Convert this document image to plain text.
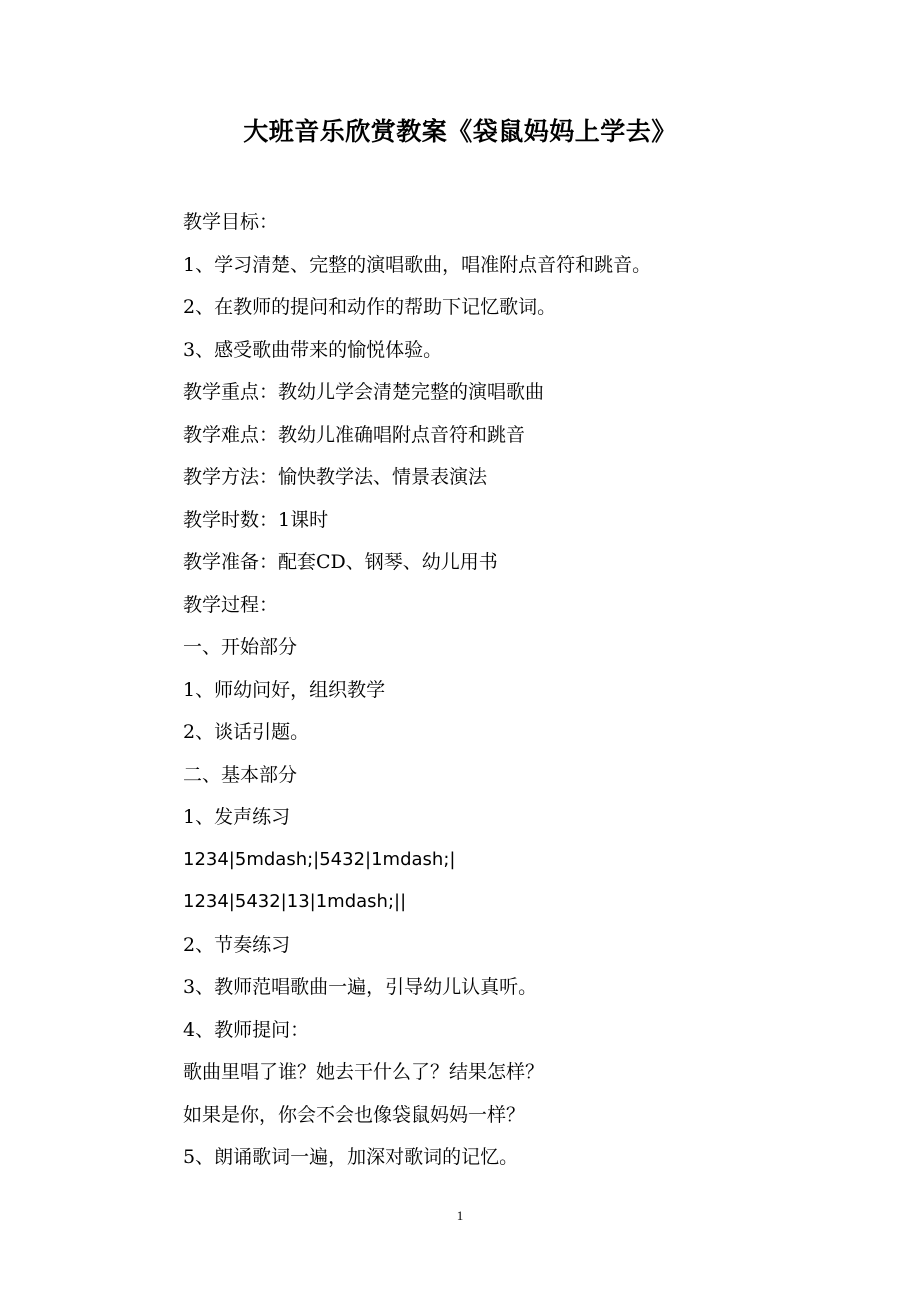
大班音乐欣赏教案《袋鼠妈妈上学去》
教学目标：
1、学习清楚、完整的演唱歌曲，唱准附点音符和跳音。
2、在教师的提问和动作的帮助下记忆歌词。
3、感受歌曲带来的愉悦体验。
教学重点：教幼儿学会清楚完整的演唱歌曲
教学难点：教幼儿准确唱附点音符和跳音
教学方法：愉快教学法、情景表演法
教学时数：1课时
教学准备：配套CD、钢琴、幼儿用书
教学过程：
一、开始部分
1、师幼问好，组织教学
2、谈话引题。
二、基本部分
1、发声练习
1234|5mdash;|5432|1mdash;|
1234|5432|13|1mdash;||
2、节奏练习
3、教师范唱歌曲一遍，引导幼儿认真听。
4、教师提问：
歌曲里唱了谁？她去干什么了？结果怎样？
如果是你，你会不会也像袋鼠妈妈一样？
5、朗诵歌词一遍，加深对歌词的记忆。
1
